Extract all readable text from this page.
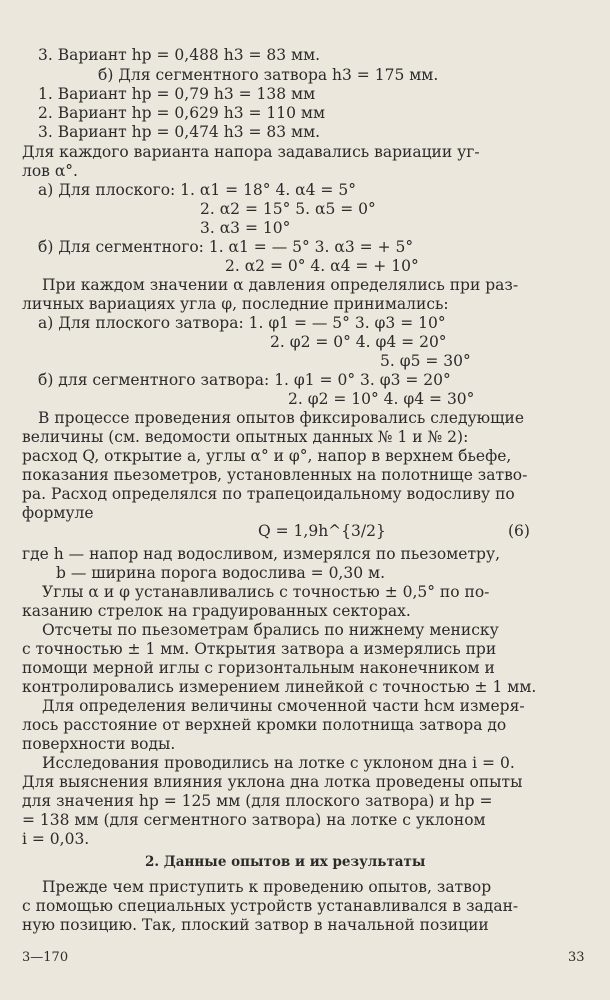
3. Вариант hр = 0,488 h3 = 83 мм.
б) Для сегментного затвора h3 = 175 мм.
1. Вариант hр = 0,79 h3 = 138 мм
2. Вариант hр = 0,629 h3 = 110 мм
3. Вариант hр = 0,474 h3 = 83 мм.
Для каждого варианта напора задавались вариации уг-
лов α°.
а) Для плоского: 1. α1 = 18° 4. α4 = 5°
2. α2 = 15° 5. α5 = 0°
3. α3 = 10°
б) Для сегментного: 1. α1 = — 5° 3. α3 = + 5°
2. α2 = 0° 4. α4 = + 10°
При каждом значении α давления определялись при раз-
личных вариациях угла φ, последние принимались:
а) Для плоского затвора: 1. φ1 = — 5° 3. φ3 = 10°
2. φ2 = 0° 4. φ4 = 20°
5. φ5 = 30°
б) для сегментного затвора: 1. φ1 = 0° 3. φ3 = 20°
2. φ2 = 10° 4. φ4 = 30°
В процессе проведения опытов фиксировались следующие
величины (см. ведомости опытных данных № 1 и № 2):
расход Q, открытие а, углы α° и φ°, напор в верхнем бьефе,
показания пьезометров, установленных на полотнище затво-
ра. Расход определялся по трапецоидальному водосливу по
формуле
Q = 1,9h^{3/2}	(6)
где h — напор над водосливом, измерялся по пьезометру,
b — ширина порога водослива = 0,30 м.
Углы α и φ устанавливались с точностью ± 0,5° по по-
казанию стрелок на градуированных секторах.
Отсчеты по пьезометрам брались по нижнему мениску
с точностью ± 1 мм. Открытия затвора а измерялись при
помощи мерной иглы с горизонтальным наконечником и
контролировались измерением линейкой с точностью ± 1 мм.
Для определения величины смоченной части hсм измеря-
лось расстояние от верхней кромки полотнища затвора до
поверхности воды.
Исследования проводились на лотке с уклоном дна i = 0.
Для выяснения влияния уклона дна лотка проведены опыты
для значения hр = 125 мм (для плоского затвора) и hр =
= 138 мм (для сегментного затвора) на лотке с уклоном
i = 0,03.
2. Данные опытов и их результаты
Прежде чем приступить к проведению опытов, затвор
с помощью специальных устройств устанавливался в задан-
ную позицию. Так, плоский затвор в начальной позиции
3—170	33
